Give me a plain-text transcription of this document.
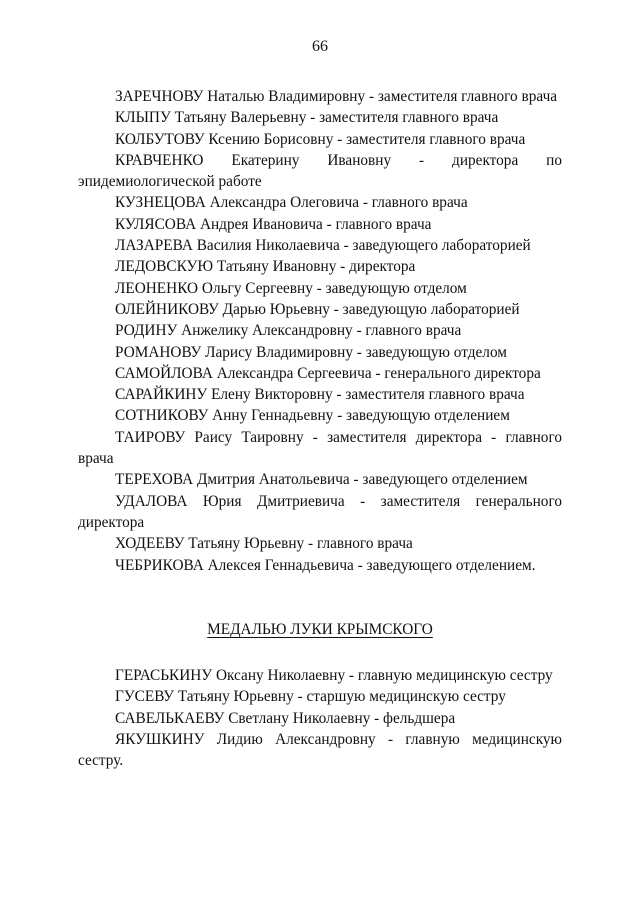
66

ЗАРЕЧНОВУ Наталью Владимировну - заместителя главного врача

КЛЫПУ Татьяну Валерьевну - заместителя главного врача

КОЛБУТОВУ Ксению Борисовну - заместителя главного врача

КРАВЧЕНКО Екатерину Ивановну - директора по эпидемиологической работе

КУЗНЕЦОВА Александра Олеговича - главного врача

КУЛЯСОВА Андрея Ивановича - главного врача

ЛАЗАРЕВА Василия Николаевича - заведующего лабораторией

ЛЕДОВСКУЮ Татьяну Ивановну - директора

ЛЕОНЕНКО Ольгу Сергеевну - заведующую отделом

ОЛЕЙНИКОВУ Дарью Юрьевну - заведующую лабораторией

РОДИНУ Анжелику Александровну - главного врача

РОМАНОВУ Ларису Владимировну - заведующую отделом

САМОЙЛОВА Александра Сергеевича - генерального директора

САРАЙКИНУ Елену Викторовну - заместителя главного врача

СОТНИКОВУ Анну Геннадьевну - заведующую отделением

ТАИРОВУ Раису Таировну - заместителя директора - главного врача

ТЕРЕХОВА Дмитрия Анатольевича - заведующего отделением

УДАЛОВА Юрия Дмитриевича - заместителя генерального директора

ХОДЕЕВУ Татьяну Юрьевну - главного врача

ЧЕБРИКОВА Алексея Геннадьевича - заведующего отделением.

МЕДАЛЬЮ ЛУКИ КРЫМСКОГО

ГЕРАСЬКИНУ Оксану Николаевну - главную медицинскую сестру

ГУСЕВУ Татьяну Юрьевну - старшую медицинскую сестру

САВЕЛЬКАЕВУ Светлану Николаевну - фельдшера

ЯКУШКИНУ Лидию Александровну - главную медицинскую сестру.
